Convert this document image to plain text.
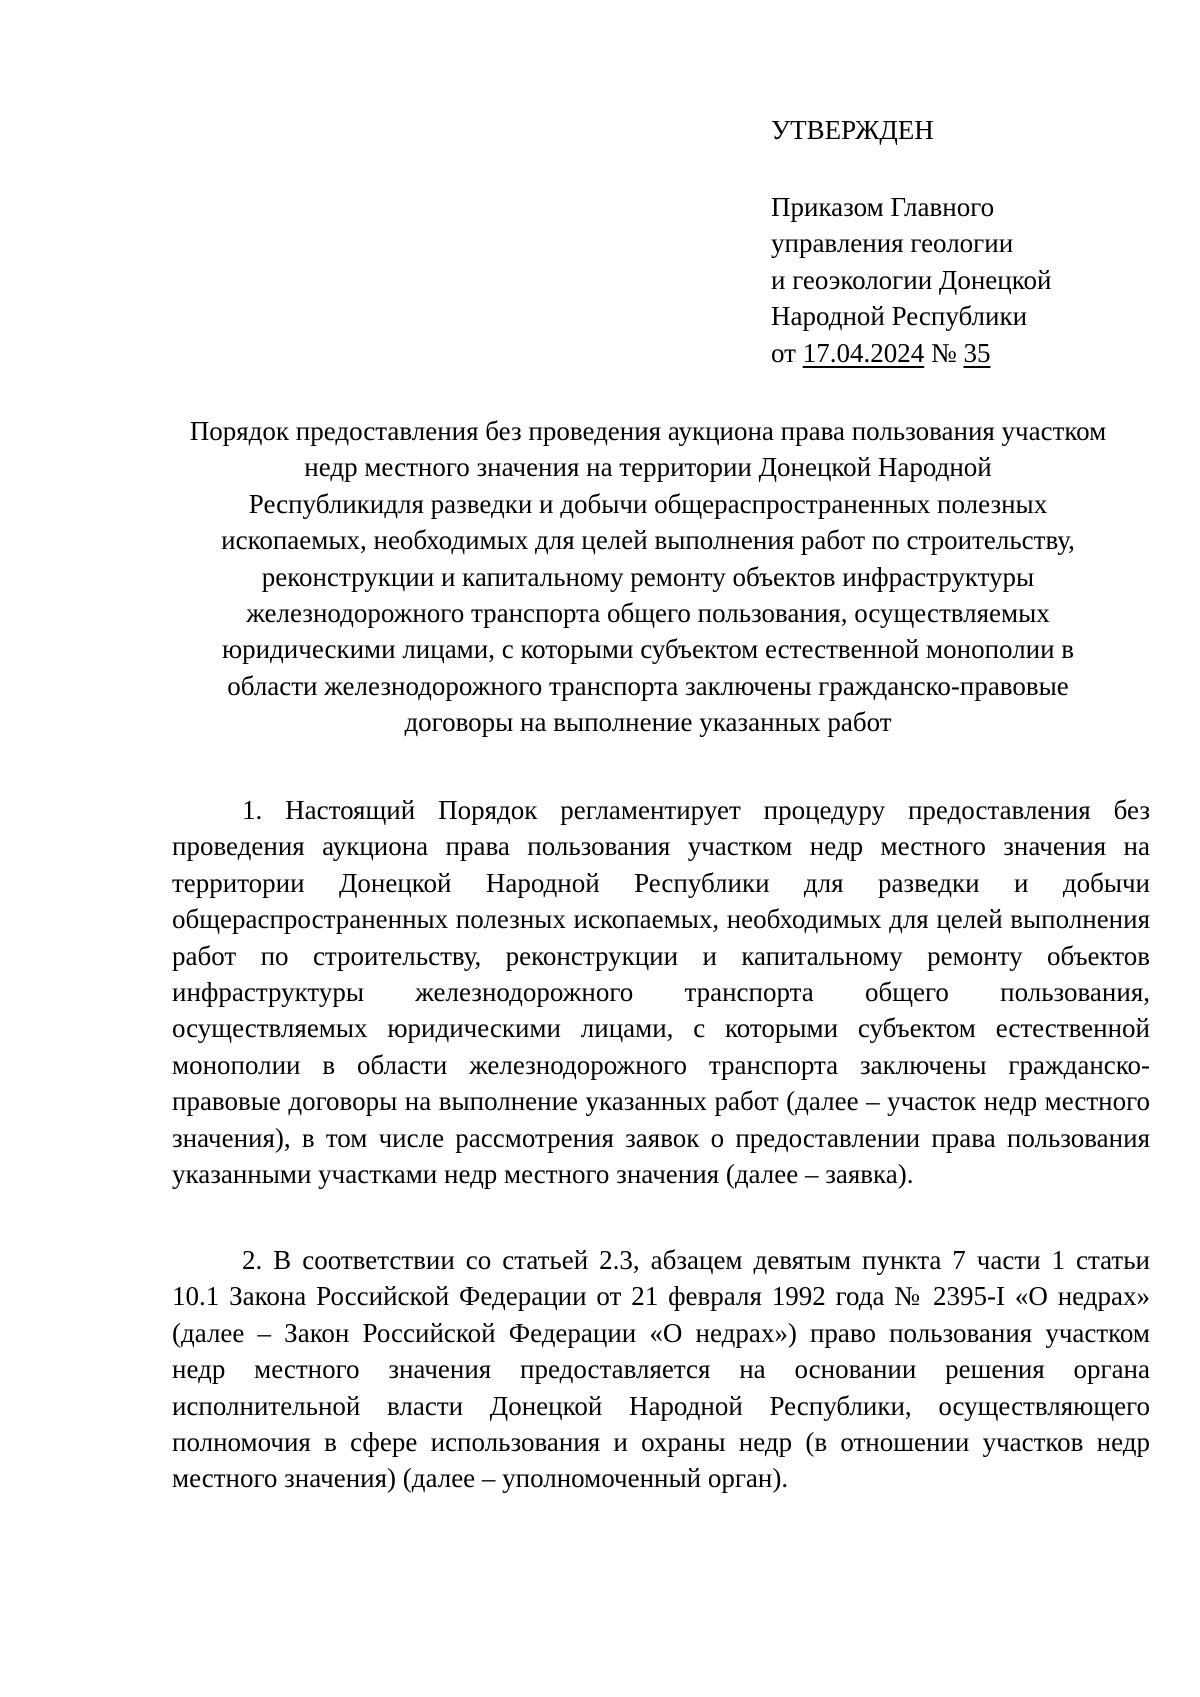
УТВЕРЖДЕН
Приказом Главного
управления геологии
и геоэкологии Донецкой
Народной Республики
от 17.04.2024 № 35
Порядок предоставления без проведения аукциона права пользования участком
недр местного значения на территории Донецкой Народной
Республикидля разведки и добычи общераспространенных полезных
ископаемых, необходимых для целей выполнения работ по строительству,
реконструкции и капитальному ремонту объектов инфраструктуры
железнодорожного транспорта общего пользования, осуществляемых
юридическими лицами, с которыми субъектом естественной монополии в
области железнодорожного транспорта заключены гражданско-правовые
договоры на выполнение указанных работ

1. Настоящий Порядок регламентирует процедуру предоставления без проведения аукциона права пользования участком недр местного значения на территории Донецкой Народной Республики для разведки и добычи общераспространенных полезных ископаемых, необходимых для целей выполнения работ по строительству, реконструкции и капитальному ремонту объектов инфраструктуры железнодорожного транспорта общего пользования, осуществляемых юридическими лицами, с которыми субъектом естественной монополии в области железнодорожного транспорта заключены гражданско-правовые договоры на выполнение указанных работ (далее – участок недр местного значения), в том числе рассмотрения заявок о предоставлении права пользования указанными участками недр местного значения (далее – заявка).

2. В соответствии со статьей 2.3, абзацем девятым пункта 7 части 1 статьи 10.1 Закона Российской Федерации от 21 февраля 1992 года № 2395-I «О недрах» (далее – Закон Российской Федерации «О недрах») право пользования участком недр местного значения предоставляется на основании решения органа исполнительной власти Донецкой Народной Республики, осуществляющего полномочия в сфере использования и охраны недр (в отношении участков недр местного значения) (далее – уполномоченный орган).
